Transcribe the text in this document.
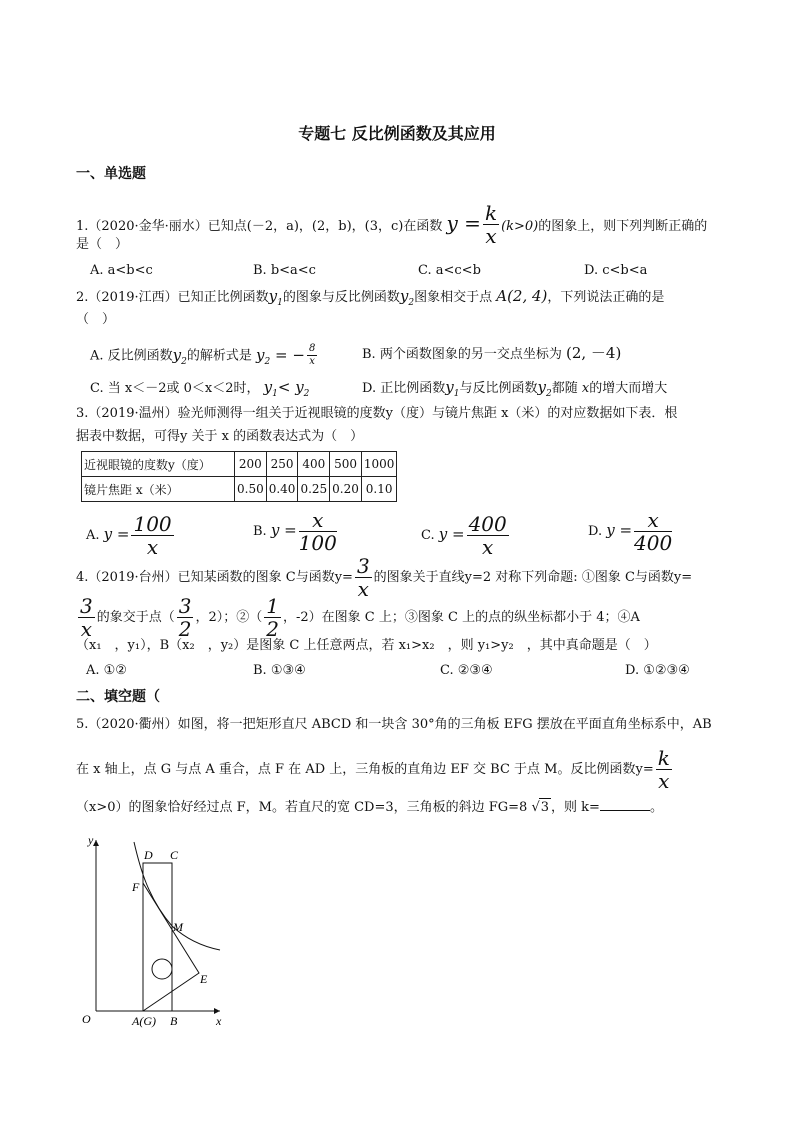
专题七 反比例函数及其应用
一、单选题
1.（2020·金华·丽水）已知点(－2，a)，(2，b)，(3，c)在函数 $y = \frac{k}{x} (k>0)$的图象上，则下列判断正确的
是（　）
A. a<b<c	B. b<a<c	C. a<c<b	D. c<b<a
2.（2019·江西）已知正比例函数$y_1$的图象与反比例函数$y_2$图象相交于点 A(2, 4)，下列说法正确的是
（　）
A. 反比例函数$y_2$的解析式是 $y_2$ = − $\frac{8}{x}$	B. 两个函数图象的另一交点坐标为 (2, －4)
C. 当 x＜－2或 0＜x＜2时， $y_1< y_2$	D. 正比例函数$y_1$与反比例函数$y_2$都随 x的增大而增大
3.（2019·温州）验光师测得一组关于近视眼镜的度数y（度）与镜片焦距 x（米）的对应数据如下表．根
据表中数据，可得y 关于 x 的函数表达式为（　）
近视眼镜的度数y（度）	200	250	400	500	1000
镜片焦距 x（米）	0.50	0.40	0.25	0.20	0.10
A. $y = \frac{100}{x}$	B. $y = \frac{x}{100}$	C. $y = \frac{400}{x}$	D. $y = \frac{x}{400}$
4.（2019·台州）已知某函数的图象 C与函数$y= \frac{3}{x}$ 的图象关于直线y=2 对称下列命题: ①图象 C与函数y=
$\frac{3}{x}$ 的象交于点（ $\frac{3}{2}$ ，2）；②（ $\frac{1}{2}$ ，-2）在图象 C 上；③图象 C 上的点的纵坐标都小于 4；④A
（x₁　，y₁），B（x₂　，y₂）是图象 C 上任意两点，若 x₁>x₂　，则 y₁>y₂　，其中真命题是（　）
A. ①②	B. ①③④	C. ②③④	D. ①②③④
二、填空题（
5.（2020·衢州）如图，将一把矩形直尺 ABCD 和一块含 30°角的三角板 EFG 摆放在平面直角坐标系中，AB
在 x 轴上，点 G 与点 A 重合，点 F 在 AD 上，三角板的直角边 EF 交 BC 于点 M。反比例函数$y= \frac{k}{x}$
（x>0）的图象恰好经过点 F，M。若直尺的宽 CD=3，三角板的斜边 FG=8 √3 ，则 k=	。
y
x
O
D C
F
M
E
A(G) B
